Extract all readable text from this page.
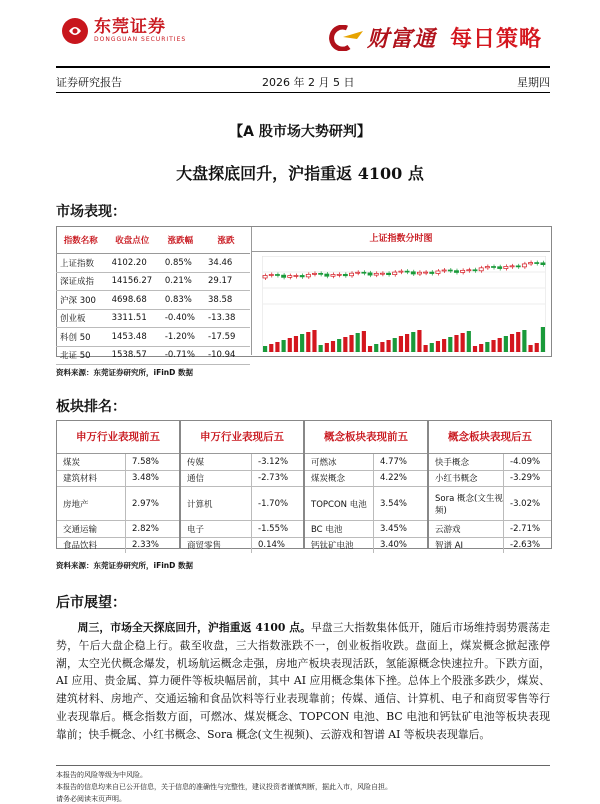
东莞证券
DONGGUAN SECURITIES	财富通 每日策略
证券研究报告	2026 年 2 月 5 日	星期四
【A 股市场大势研判】
大盘探底回升，沪指重返 4100 点
市场表现：
指数名称	收盘点位	涨跌幅	涨跌
上证指数	4102.20	0.85%	34.46
深证成指	14156.27	0.21%	29.17
沪深 300	4698.68	0.83%	38.58
创业板	3311.51	-0.40%	-13.38
科创 50	1453.48	-1.20%	-17.59
北证 50	1538.57	-0.71%	-10.94
上证指数分时图
资料来源：东莞证券研究所，iFinD 数据
板块排名：
申万行业表现前五
煤炭	7.58%
建筑材料	3.48%
房地产	2.97%
交通运输	2.82%
食品饮料	2.33%
申万行业表现后五
传媒	-3.12%
通信	-2.73%
计算机	-1.70%
电子	-1.55%
商贸零售	0.14%
概念板块表现前五
可燃冰	4.77%
煤炭概念	4.22%
TOPCON 电池	3.54%
BC 电池	3.45%
钙钛矿电池	3.40%
概念板块表现后五
快手概念	-4.09%
小红书概念	-3.29%
Sora 概念(文生视频)
-3.02%
云游戏	-2.71%
智谱 AI	-2.63%
资料来源：东莞证券研究所，iFinD 数据
后市展望：
周三，市场全天探底回升，沪指重返 4100 点。早盘三大指数集体低开，随后市场维持弱势震荡走势，午后大盘企稳上行。截至收盘，三大指数涨跌不一，创业板指收跌。盘面上，煤炭概念掀起涨停潮，太空光伏概念爆发，机场航运概念走强，房地产板块表现活跃，氢能源概念快速拉升。下跌方面，AI 应用、贵金属、算力硬件等板块幅居前，其中 AI 应用概念集体下挫。总体上个股涨多跌少，煤炭、建筑材料、房地产、交通运输和食品饮料等行业表现靠前；传媒、通信、计算机、电子和商贸零售等行业表现靠后。概念指数方面，可燃冰、煤炭概念、TOPCON 电池、BC 电池和钙钛矿电池等板块表现靠前；快手概念、小红书概念、Sora 概念(文生视频)、云游戏和智谱 AI 等板块表现靠后。
本报告的风险等级为中风险。
本报告的信息均来自已公开信息，关于信息的准确性与完整性，建议投资者谨慎判断，据此入市，风险自担。
请务必阅读末页声明。
